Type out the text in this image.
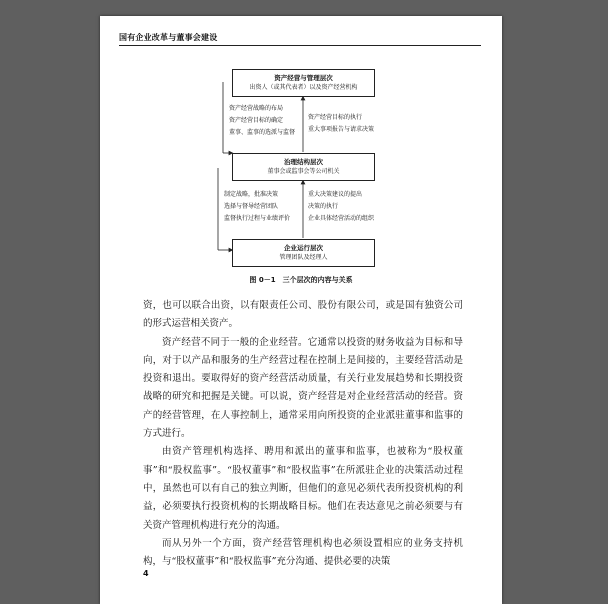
国有企业改革与董事会建设
资产经营与管理层次
出资人（或其代表者）以及资产经营机构
资产经营战略的布局
资产经营目标的确定
董事、监事的选派与监督
资产经营目标的执行
重大事项报告与请求决策
治理结构层次
董事会或监事会等公司机关
制定战略，批准决策
选择与督导经营团队
监督执行过程与业绩评价
重大决策建议的提出
决策的执行
企业具体经营活动的组织
企业运行层次
管理团队及经理人
图 0－1　三个层次的内容与关系

资，也可以联合出资，以有限责任公司、股份有限公司，或是国有独资公司的形式运营相关资产。

资产经营不同于一般的企业经营。它通常以投资的财务收益为目标和导向，对于以产品和服务的生产经营过程在控制上是间接的，主要经营活动是投资和退出。要取得好的资产经营活动质量，有关行业发展趋势和长期投资战略的研究和把握是关键。可以说，资产经营是对企业经营活动的经营。资产的经营管理，在人事控制上，通常采用向所投资的企业派驻董事和监事的方式进行。

由资产管理机构选择、聘用和派出的董事和监事，也被称为“股权董事”和“股权监事”。“股权董事”和“股权监事”在所派驻企业的决策活动过程中，虽然也可以有自己的独立判断，但他们的意见必须代表所投资机构的利益，必须要执行投资机构的长期战略目标。他们在表达意见之前必须要与有关资产管理机构进行充分的沟通。

而从另外一个方面，资产经营管理机构也必须设置相应的业务支持机构，与“股权董事”和“股权监事”充分沟通、提供必要的决策

4
